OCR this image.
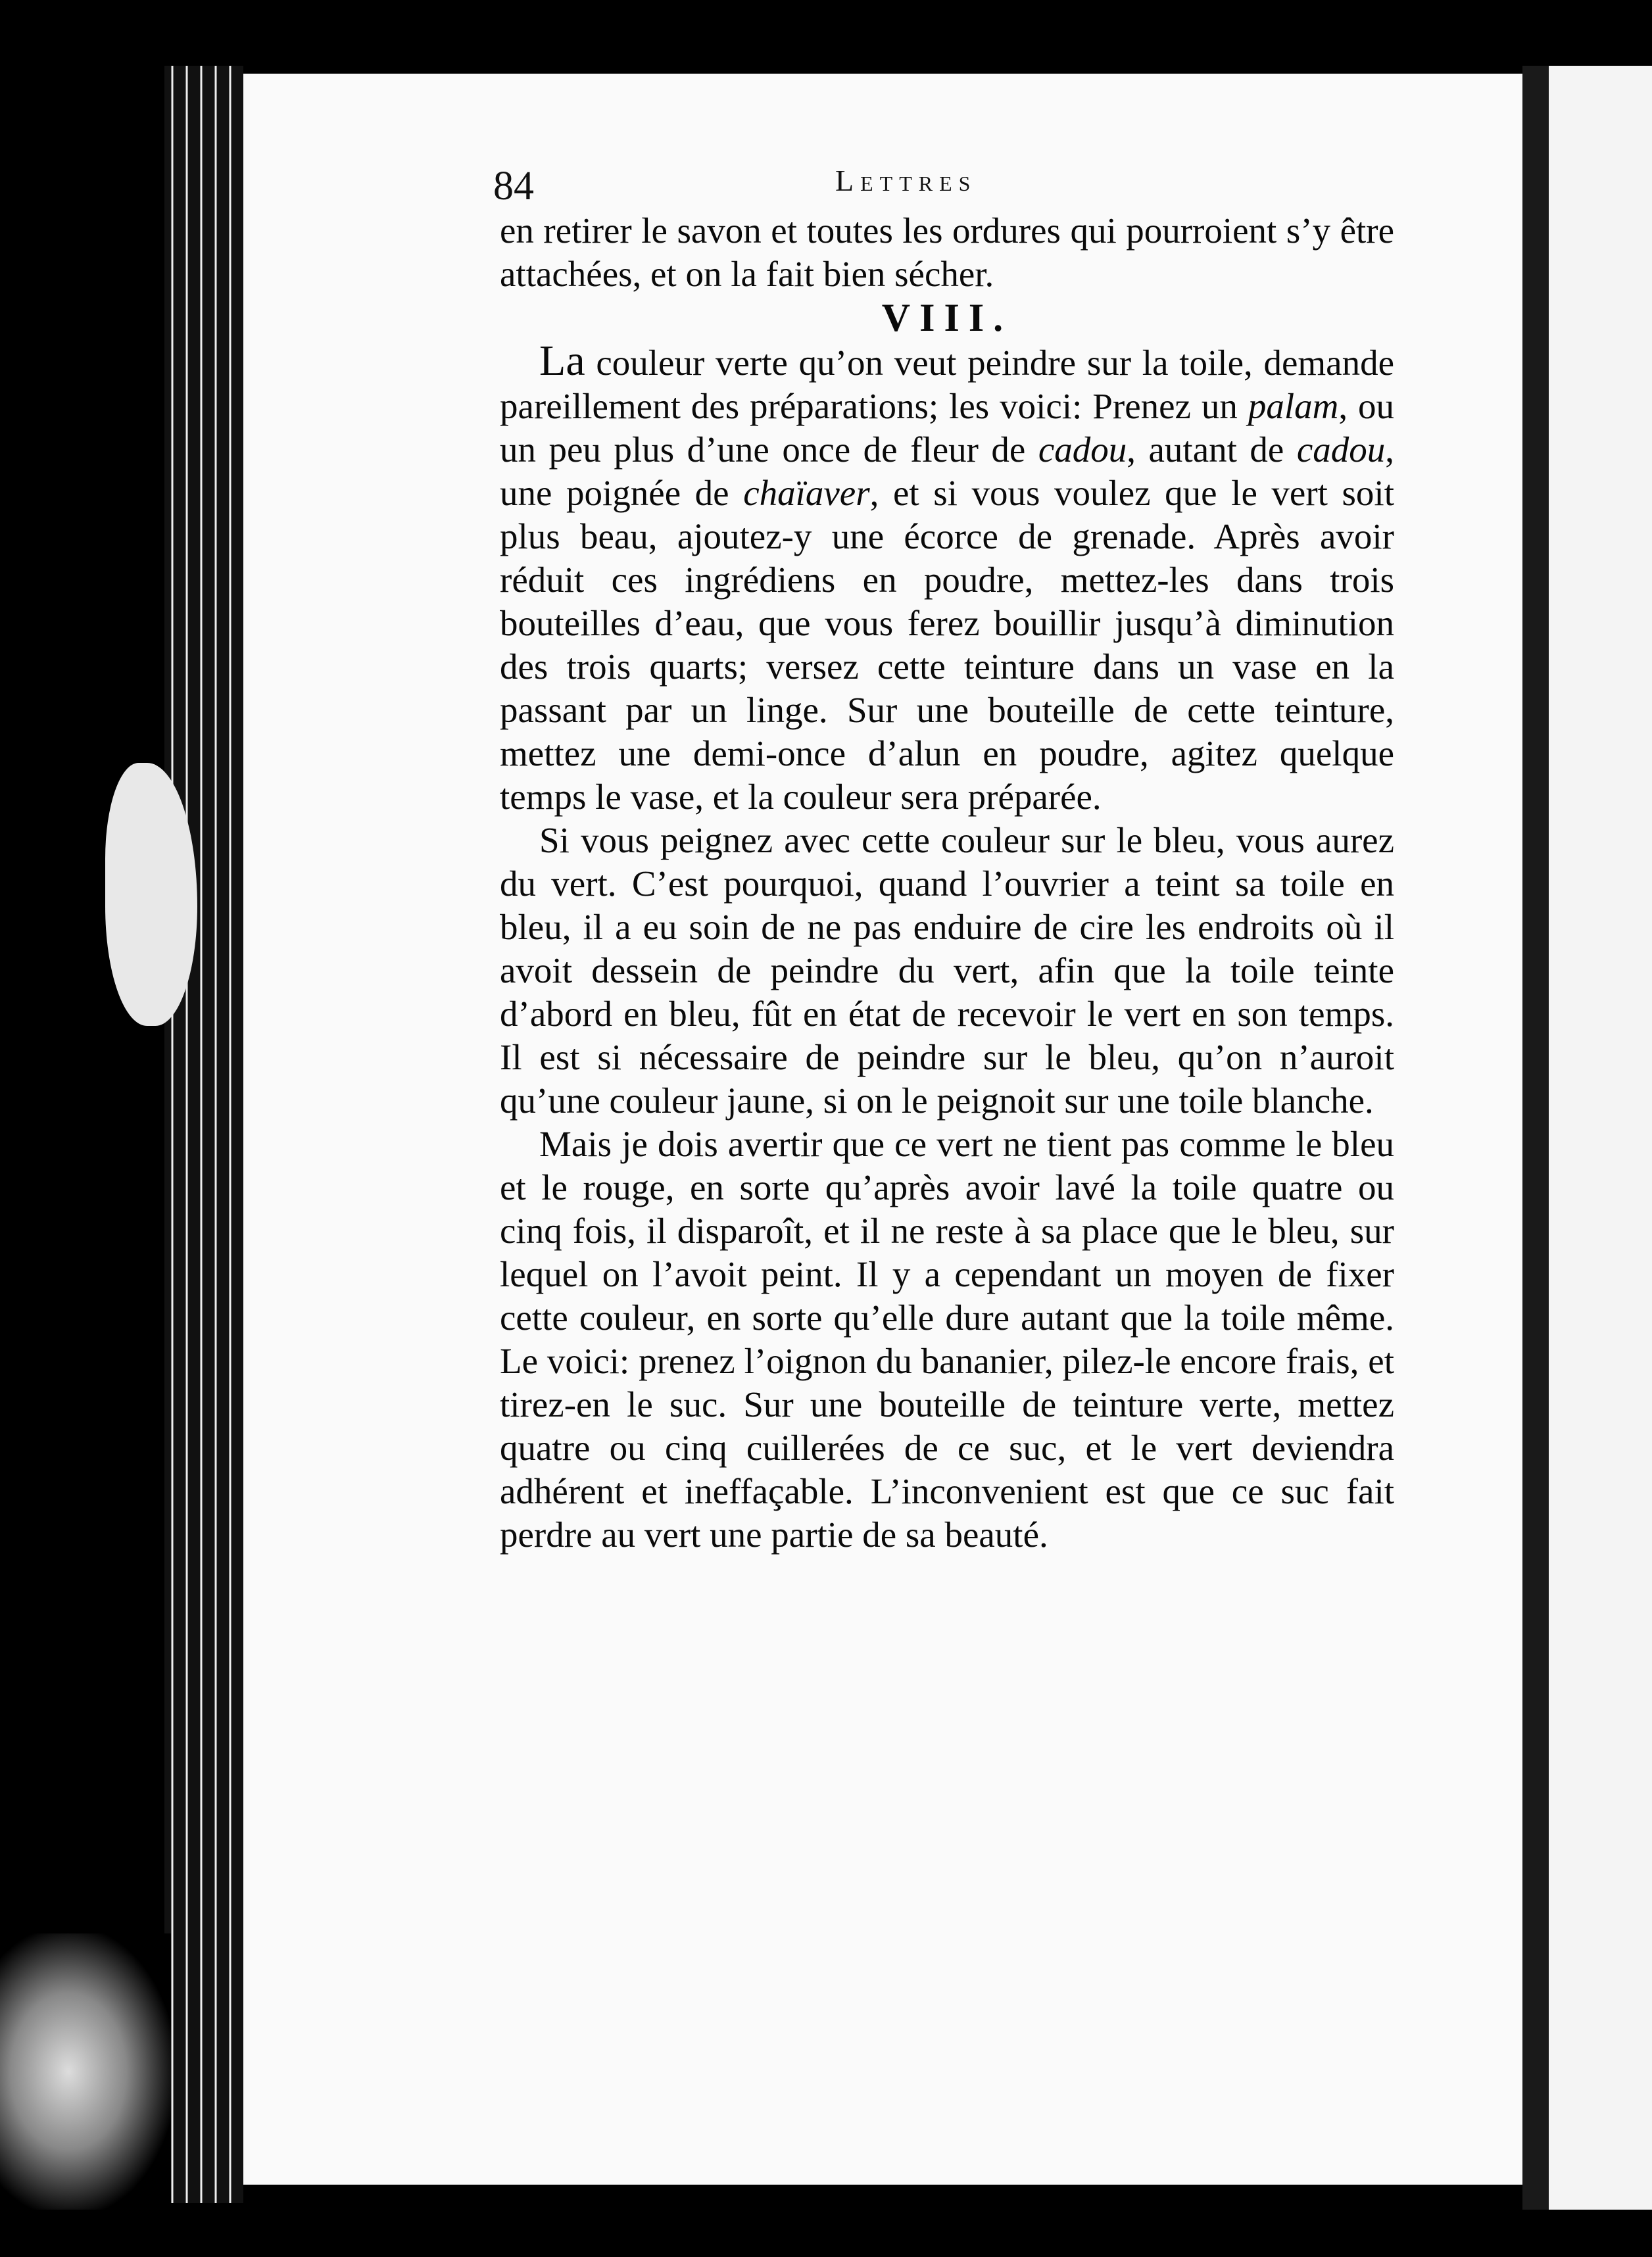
84	Lettres

en retirer le savon et toutes les ordures qui pourroient s’y être attachées, et on la fait bien sécher.

VIII.

La couleur verte qu’on veut peindre sur la toile, demande pareillement des préparations; les voici: Prenez un palam, ou un peu plus d’une once de fleur de cadou, autant de cadou, une poignée de chaïaver, et si vous voulez que le vert soit plus beau, ajoutez-y une écorce de grenade. Après avoir réduit ces ingrédiens en poudre, mettez-les dans trois bouteilles d’eau, que vous ferez bouillir jusqu’à diminution des trois quarts; versez cette teinture dans un vase en la passant par un linge. Sur une bouteille de cette teinture, mettez une demi-once d’alun en poudre, agitez quelque temps le vase, et la couleur sera préparée.

Si vous peignez avec cette couleur sur le bleu, vous aurez du vert. C’est pourquoi, quand l’ouvrier a teint sa toile en bleu, il a eu soin de ne pas enduire de cire les endroits où il avoit dessein de peindre du vert, afin que la toile teinte d’abord en bleu, fût en état de recevoir le vert en son temps. Il est si nécessaire de peindre sur le bleu, qu’on n’auroit qu’une couleur jaune, si on le peignoit sur une toile blanche.

Mais je dois avertir que ce vert ne tient pas comme le bleu et le rouge, en sorte qu’après avoir lavé la toile quatre ou cinq fois, il disparoît, et il ne reste à sa place que le bleu, sur lequel on l’avoit peint. Il y a cependant un moyen de fixer cette couleur, en sorte qu’elle dure autant que la toile même. Le voici: prenez l’oignon du bananier, pilez-le encore frais, et tirez-en le suc. Sur une bouteille de teinture verte, mettez quatre ou cinq cuillerées de ce suc, et le vert deviendra adhérent et ineffaçable. L’inconvenient est que ce suc fait perdre au vert une partie de sa beauté.
